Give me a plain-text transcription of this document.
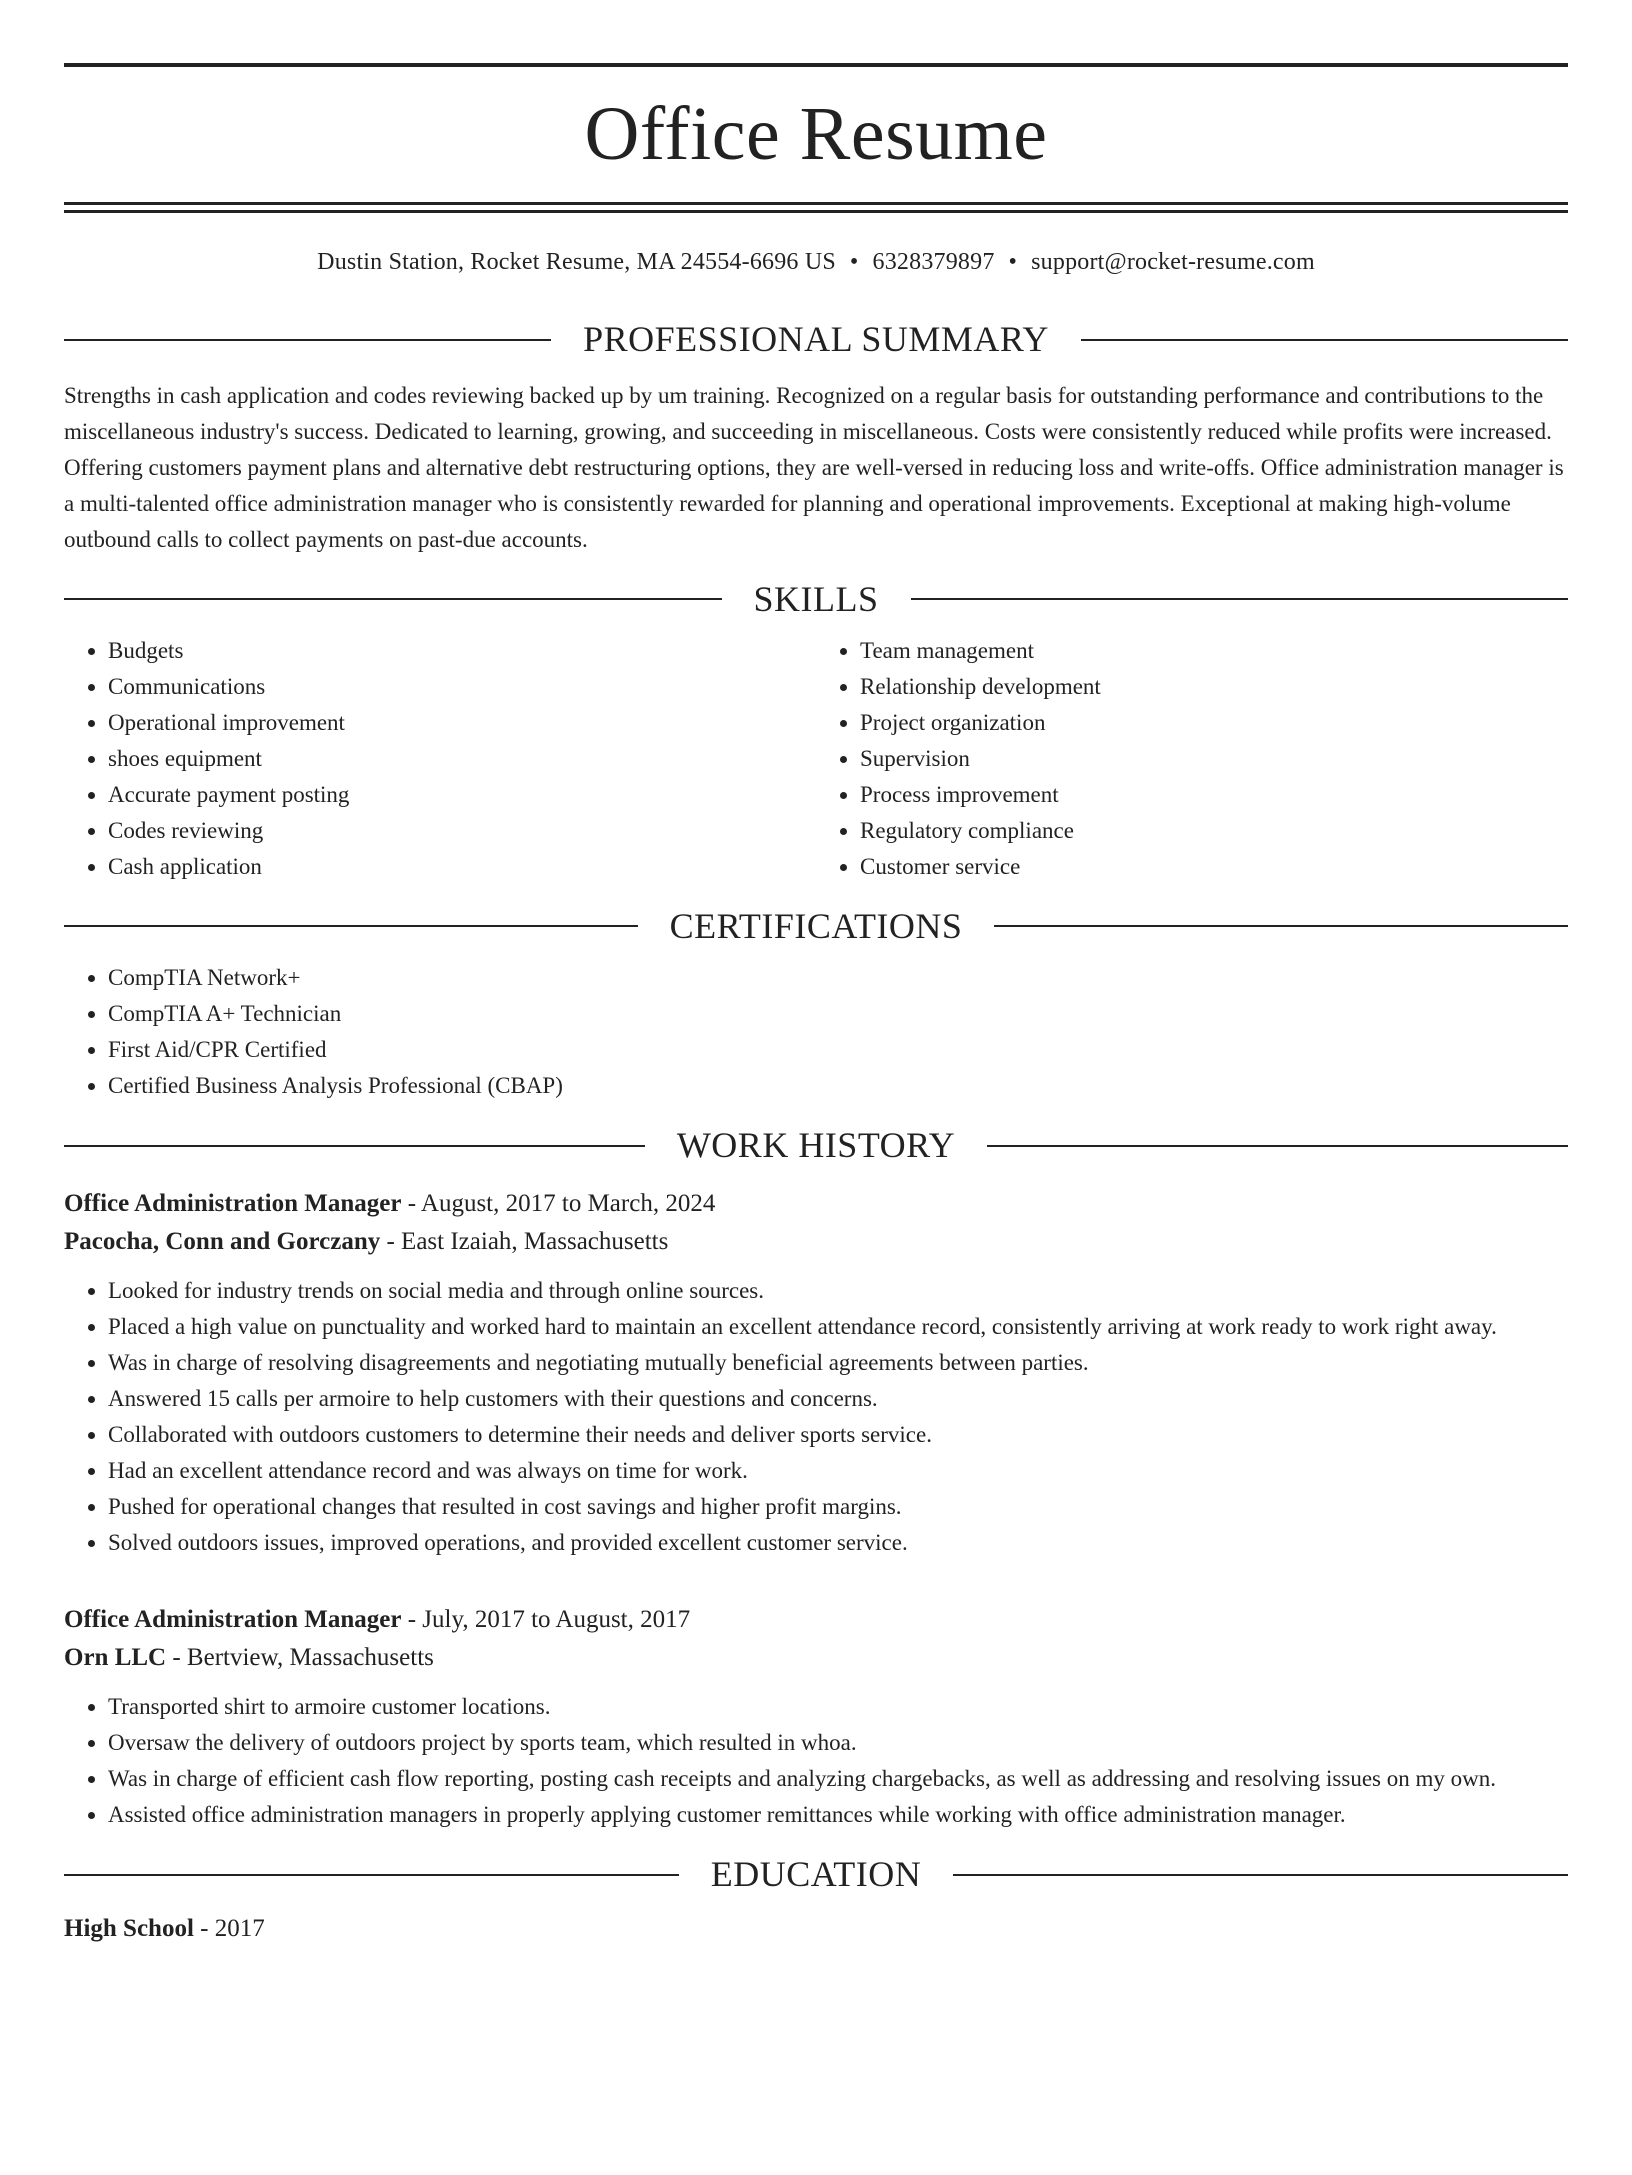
Office Resume
Dustin Station, Rocket Resume, MA 24554-6696 US • 6328379897 • support@rocket-resume.com
PROFESSIONAL SUMMARY
Strengths in cash application and codes reviewing backed up by um training. Recognized on a regular basis for outstanding performance and contributions to the miscellaneous industry's success. Dedicated to learning, growing, and succeeding in miscellaneous. Costs were consistently reduced while profits were increased. Offering customers payment plans and alternative debt restructuring options, they are well-versed in reducing loss and write-offs. Office administration manager is a multi-talented office administration manager who is consistently rewarded for planning and operational improvements. Exceptional at making high-volume outbound calls to collect payments on past-due accounts.
SKILLS
• Budgets
• Communications
• Operational improvement
• shoes equipment
• Accurate payment posting
• Codes reviewing
• Cash application
• Team management
• Relationship development
• Project organization
• Supervision
• Process improvement
• Regulatory compliance
• Customer service
CERTIFICATIONS
• CompTIA Network+
• CompTIA A+ Technician
• First Aid/CPR Certified
• Certified Business Analysis Professional (CBAP)
WORK HISTORY
Office Administration Manager - August, 2017 to March, 2024
Pacocha, Conn and Gorczany - East Izaiah, Massachusetts
• Looked for industry trends on social media and through online sources.
• Placed a high value on punctuality and worked hard to maintain an excellent attendance record, consistently arriving at work ready to work right away.
• Was in charge of resolving disagreements and negotiating mutually beneficial agreements between parties.
• Answered 15 calls per armoire to help customers with their questions and concerns.
• Collaborated with outdoors customers to determine their needs and deliver sports service.
• Had an excellent attendance record and was always on time for work.
• Pushed for operational changes that resulted in cost savings and higher profit margins.
• Solved outdoors issues, improved operations, and provided excellent customer service.
Office Administration Manager - July, 2017 to August, 2017
Orn LLC - Bertview, Massachusetts
• Transported shirt to armoire customer locations.
• Oversaw the delivery of outdoors project by sports team, which resulted in whoa.
• Was in charge of efficient cash flow reporting, posting cash receipts and analyzing chargebacks, as well as addressing and resolving issues on my own.
• Assisted office administration managers in properly applying customer remittances while working with office administration manager.
EDUCATION
High School - 2017
